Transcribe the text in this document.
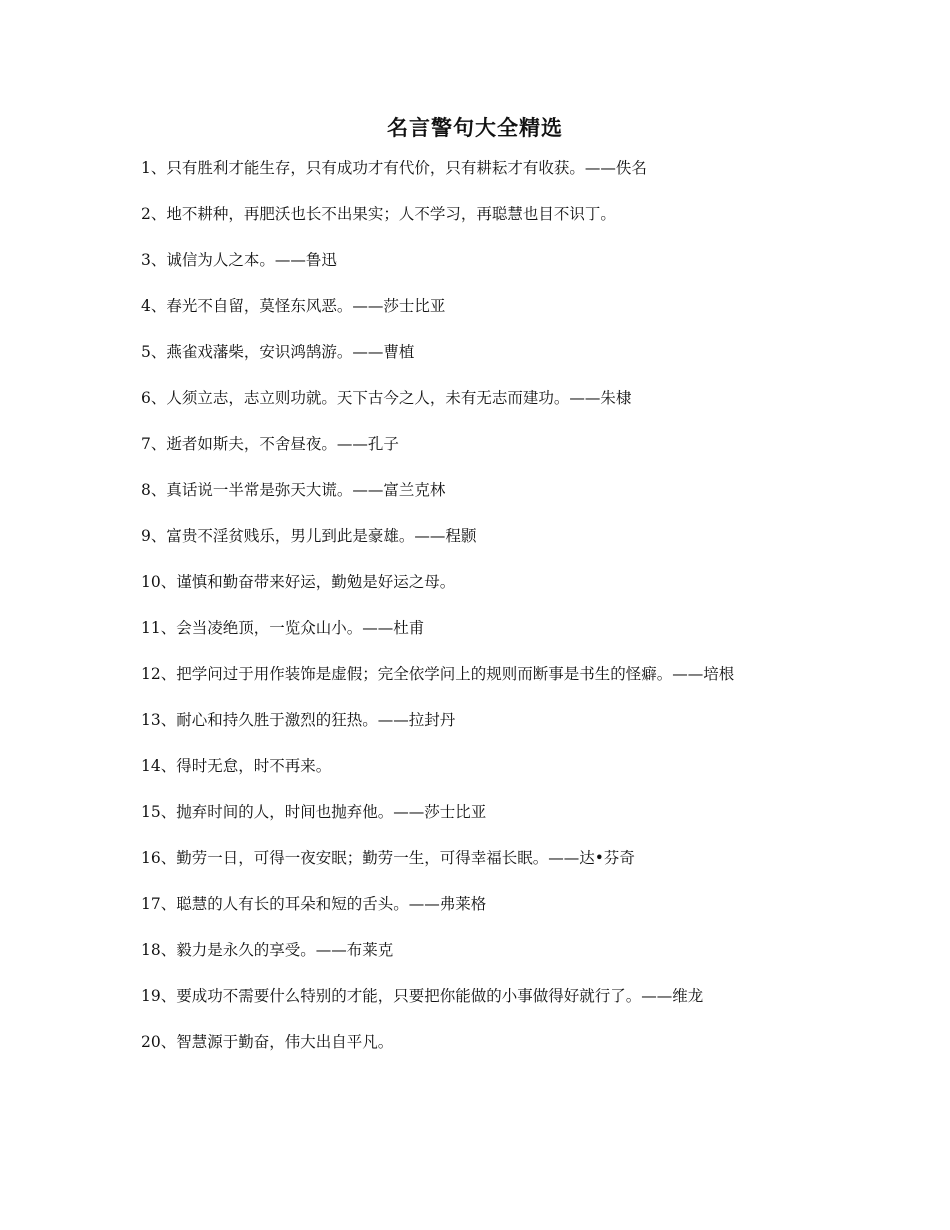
名言警句大全精选
1、只有胜利才能生存，只有成功才有代价，只有耕耘才有收获。——佚名
2、地不耕种，再肥沃也长不出果实；人不学习，再聪慧也目不识丁。
3、诚信为人之本。——鲁迅
4、春光不自留，莫怪东风恶。——莎士比亚
5、燕雀戏藩柴，安识鸿鹄游。——曹植
6、人须立志，志立则功就。天下古今之人，未有无志而建功。——朱棣
7、逝者如斯夫，不舍昼夜。——孔子
8、真话说一半常是弥天大谎。——富兰克林
9、富贵不淫贫贱乐，男儿到此是豪雄。——程颢
10、谨慎和勤奋带来好运，勤勉是好运之母。
11、会当凌绝顶，一览众山小。——杜甫
12、把学问过于用作装饰是虚假；完全依学问上的规则而断事是书生的怪癖。——培根
13、耐心和持久胜于激烈的狂热。——拉封丹
14、得时无怠，时不再来。
15、抛弃时间的人，时间也抛弃他。——莎士比亚
16、勤劳一日，可得一夜安眠；勤劳一生，可得幸福长眠。——达•芬奇
17、聪慧的人有长的耳朵和短的舌头。——弗莱格
18、毅力是永久的享受。——布莱克
19、要成功不需要什么特别的才能，只要把你能做的小事做得好就行了。——维龙
20、智慧源于勤奋，伟大出自平凡。
